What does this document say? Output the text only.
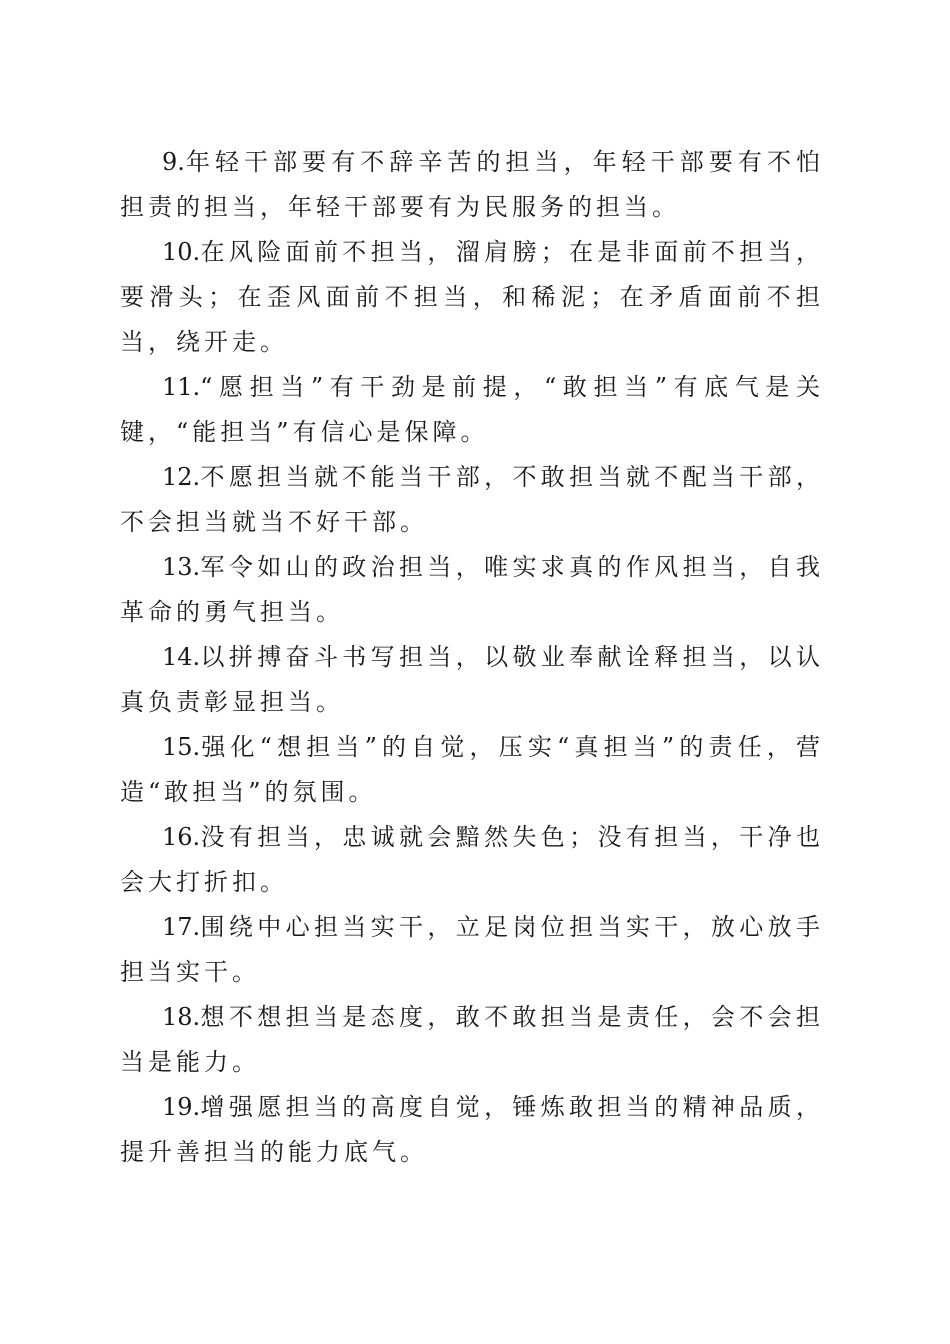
9.年轻干部要有不辞辛苦的担当，年轻干部要有不怕担责的担当，年轻干部要有为民服务的担当。

10.在风险面前不担当，溜肩膀；在是非面前不担当，要滑头；在歪风面前不担当，和稀泥；在矛盾面前不担当，绕开走。

11.“愿担当”有干劲是前提，“敢担当”有底气是关键，“能担当”有信心是保障。

12.不愿担当就不能当干部，不敢担当就不配当干部，不会担当就当不好干部。

13.军令如山的政治担当，唯实求真的作风担当，自我革命的勇气担当。

14.以拼搏奋斗书写担当，以敬业奉献诠释担当，以认真负责彰显担当。

15.强化“想担当”的自觉，压实“真担当”的责任，营造“敢担当”的氛围。

16.没有担当，忠诚就会黯然失色；没有担当，干净也会大打折扣。

17.围绕中心担当实干，立足岗位担当实干，放心放手担当实干。

18.想不想担当是态度，敢不敢担当是责任，会不会担当是能力。

19.增强愿担当的高度自觉，锤炼敢担当的精神品质，提升善担当的能力底气。
